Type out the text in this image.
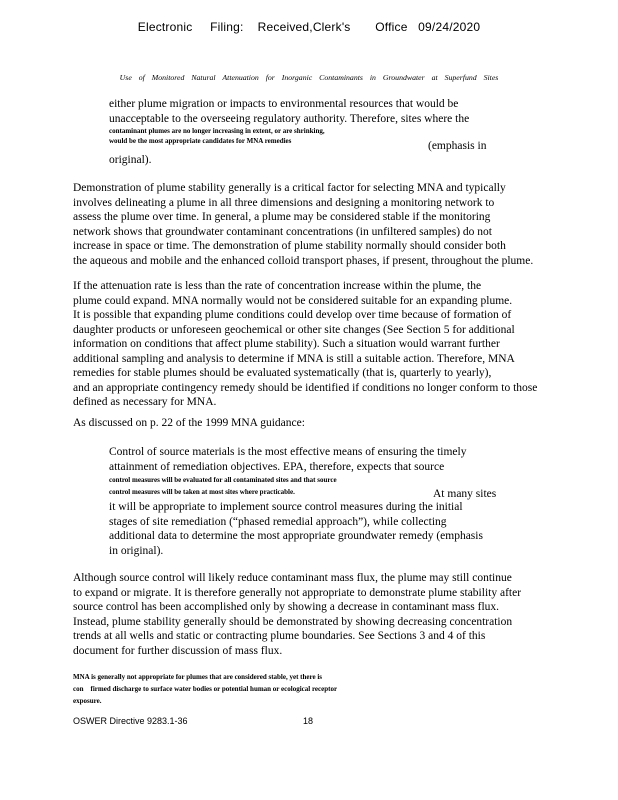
Electronic     Filing:    Received,Clerk's       Office   09/24/2020
Use of Monitored Natural Attenuation for Inorganic Contaminants in Groundwater at Superfund Sites
either plume migration or impacts to environmental resources that would be
unacceptable to the overseeing regulatory authority. Therefore, sites where the
contaminant plumes are no longer increasing in extent, or are shrinking,
would be the most appropriate candidates for MNA remedies	(emphasis in
original).
Demonstration of plume stability generally is a critical factor for selecting MNA and typically
involves delineating a plume in all three dimensions and designing a monitoring network to
assess the plume over time. In general, a plume may be considered stable if the monitoring
network shows that groundwater contaminant concentrations (in unfiltered samples) do not
increase in space or time. The demonstration of plume stability normally should consider both
the aqueous and mobile and the enhanced colloid transport phases, if present, throughout the plume.
If the attenuation rate is less than the rate of concentration increase within the plume, the
plume could expand. MNA normally would not be considered suitable for an expanding plume.
It is possible that expanding plume conditions could develop over time because of formation of
daughter products or unforeseen geochemical or other site changes (See Section 5 for additional
information on conditions that affect plume stability). Such a situation would warrant further
additional sampling and analysis to determine if MNA is still a suitable action. Therefore, MNA
remedies for stable plumes should be evaluated systematically (that is, quarterly to yearly),
and an appropriate contingency remedy should be identified if conditions no longer conform to those
defined as necessary for MNA.
As discussed on p. 22 of the 1999 MNA guidance:
Control of source materials is the most effective means of ensuring the timely
attainment of remediation objectives. EPA, therefore, expects that source
control measures will be evaluated for all contaminated sites and that source
control measures will be taken at most sites where practicable.	At many sites
it will be appropriate to implement source control measures during the initial
stages of site remediation (“phased remedial approach”), while collecting
additional data to determine the most appropriate groundwater remedy (emphasis
in original).
Although source control will likely reduce contaminant mass flux, the plume may still continue
to expand or migrate. It is therefore generally not appropriate to demonstrate plume stability after
source control has been accomplished only by showing a decrease in contaminant mass flux.
Instead, plume stability generally should be demonstrated by showing decreasing concentration
trends at all wells and static or contracting plume boundaries. See Sections 3 and 4 of this
document for further discussion of mass flux.
MNA is generally not appropriate for plumes that are considered stable, yet there is
con    firmed discharge to surface water bodies or potential human or ecological receptor
exposure.
OSWER Directive 9283.1-36	18
